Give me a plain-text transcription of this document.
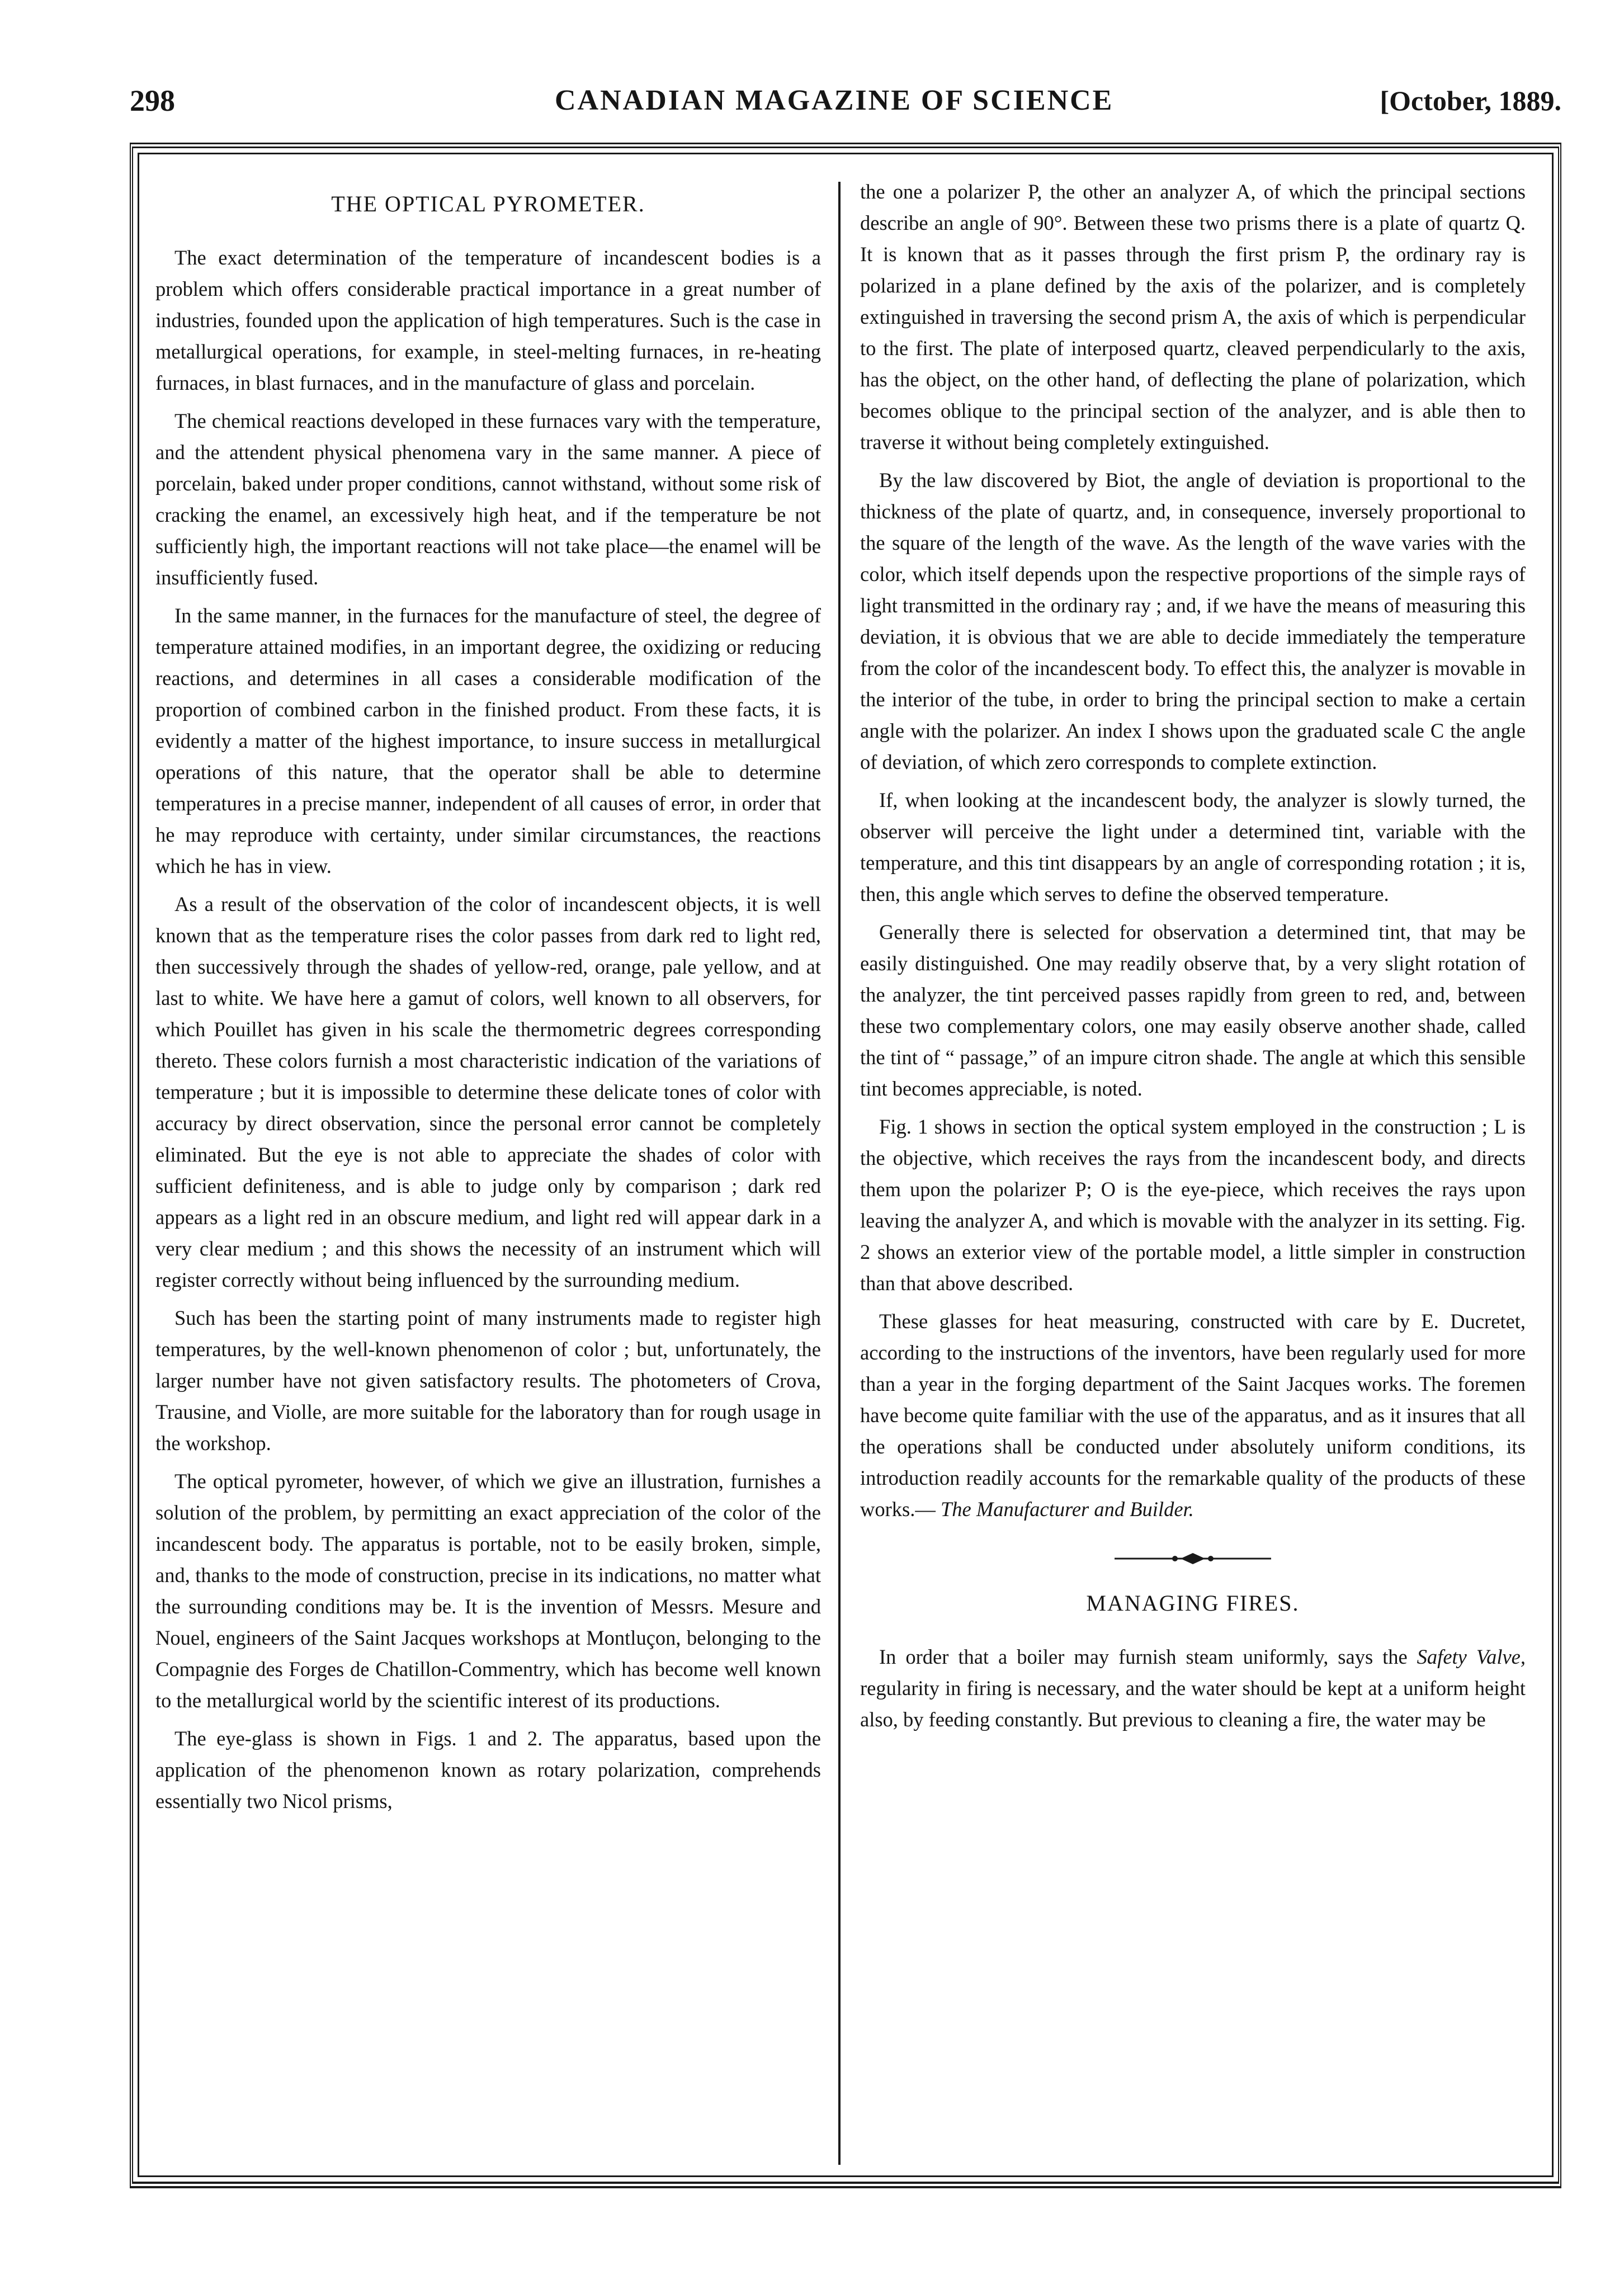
298	CANADIAN MAGAZINE OF SCIENCE	[October, 1889.

THE OPTICAL PYROMETER.

The exact determination of the temperature of incandescent bodies is a problem which offers considerable practical importance in a great number of industries, founded upon the application of high temperatures. Such is the case in metallurgical operations, for example, in steel-melting furnaces, in re-heating furnaces, in blast furnaces, and in the manufacture of glass and porcelain.

The chemical reactions developed in these furnaces vary with the temperature, and the attendent physical phenomena vary in the same manner. A piece of porcelain, baked under proper conditions, cannot withstand, without some risk of cracking the enamel, an excessively high heat, and if the temperature be not sufficiently high, the important reactions will not take place—the enamel will be insufficiently fused.

In the same manner, in the furnaces for the manufacture of steel, the degree of temperature attained modifies, in an important degree, the oxidizing or reducing reactions, and determines in all cases a considerable modification of the proportion of combined carbon in the finished product. From these facts, it is evidently a matter of the highest importance, to insure success in metallurgical operations of this nature, that the operator shall be able to determine temperatures in a precise manner, independent of all causes of error, in order that he may reproduce with certainty, under similar circumstances, the reactions which he has in view.

As a result of the observation of the color of incandescent objects, it is well known that as the temperature rises the color passes from dark red to light red, then successively through the shades of yellow-red, orange, pale yellow, and at last to white. We have here a gamut of colors, well known to all observers, for which Pouillet has given in his scale the thermometric degrees corresponding thereto. These colors furnish a most characteristic indication of the variations of temperature ; but it is impossible to determine these delicate tones of color with accuracy by direct observation, since the personal error cannot be completely eliminated. But the eye is not able to appreciate the shades of color with sufficient definiteness, and is able to judge only by comparison ; dark red appears as a light red in an obscure medium, and light red will appear dark in a very clear medium ; and this shows the necessity of an instrument which will register correctly without being influenced by the surrounding medium.

Such has been the starting point of many instruments made to register high temperatures, by the well-known phenomenon of color ; but, unfortunately, the larger number have not given satisfactory results. The photometers of Crova, Trausine, and Violle, are more suitable for the laboratory than for rough usage in the workshop.

The optical pyrometer, however, of which we give an illustration, furnishes a solution of the problem, by permitting an exact appreciation of the color of the incandescent body. The apparatus is portable, not to be easily broken, simple, and, thanks to the mode of construction, precise in its indications, no matter what the surrounding conditions may be. It is the invention of Messrs. Mesure and Nouel, engineers of the Saint Jacques workshops at Montluçon, belonging to the Compagnie des Forges de Chatillon-Commentry, which has become well known to the metallurgical world by the scientific interest of its productions.

The eye-glass is shown in Figs. 1 and 2. The apparatus, based upon the application of the phenomenon known as rotary polarization, comprehends essentially two Nicol prisms,

the one a polarizer P, the other an analyzer A, of which the principal sections describe an angle of 90°. Between these two prisms there is a plate of quartz Q. It is known that as it passes through the first prism P, the ordinary ray is polarized in a plane defined by the axis of the polarizer, and is completely extinguished in traversing the second prism A, the axis of which is perpendicular to the first. The plate of interposed quartz, cleaved perpendicularly to the axis, has the object, on the other hand, of deflecting the plane of polarization, which becomes oblique to the principal section of the analyzer, and is able then to traverse it without being completely extinguished.

By the law discovered by Biot, the angle of deviation is proportional to the thickness of the plate of quartz, and, in consequence, inversely proportional to the square of the length of the wave. As the length of the wave varies with the color, which itself depends upon the respective proportions of the simple rays of light transmitted in the ordinary ray ; and, if we have the means of measuring this deviation, it is obvious that we are able to decide immediately the temperature from the color of the incandescent body. To effect this, the analyzer is movable in the interior of the tube, in order to bring the principal section to make a certain angle with the polarizer. An index I shows upon the graduated scale C the angle of deviation, of which zero corresponds to complete extinction.

If, when looking at the incandescent body, the analyzer is slowly turned, the observer will perceive the light under a determined tint, variable with the temperature, and this tint disappears by an angle of corresponding rotation ; it is, then, this angle which serves to define the observed temperature.

Generally there is selected for observation a determined tint, that may be easily distinguished. One may readily observe that, by a very slight rotation of the analyzer, the tint perceived passes rapidly from green to red, and, between these two complementary colors, one may easily observe another shade, called the tint of “ passage,” of an impure citron shade. The angle at which this sensible tint becomes appreciable, is noted.

Fig. 1 shows in section the optical system employed in the construction ; L is the objective, which receives the rays from the incandescent body, and directs them upon the polarizer P; O is the eye-piece, which receives the rays upon leaving the analyzer A, and which is movable with the analyzer in its setting. Fig. 2 shows an exterior view of the portable model, a little simpler in construction than that above described.

These glasses for heat measuring, constructed with care by E. Ducretet, according to the instructions of the inventors, have been regularly used for more than a year in the forging department of the Saint Jacques works. The foremen have become quite familiar with the use of the apparatus, and as it insures that all the operations shall be conducted under absolutely uniform conditions, its introduction readily accounts for the remarkable quality of the products of these works.— The Manufacturer and Builder.

MANAGING FIRES.

In order that a boiler may furnish steam uniformly, says the Safety Valve, regularity in firing is necessary, and the water should be kept at a uniform height also, by feeding constantly. But previous to cleaning a fire, the water may be
